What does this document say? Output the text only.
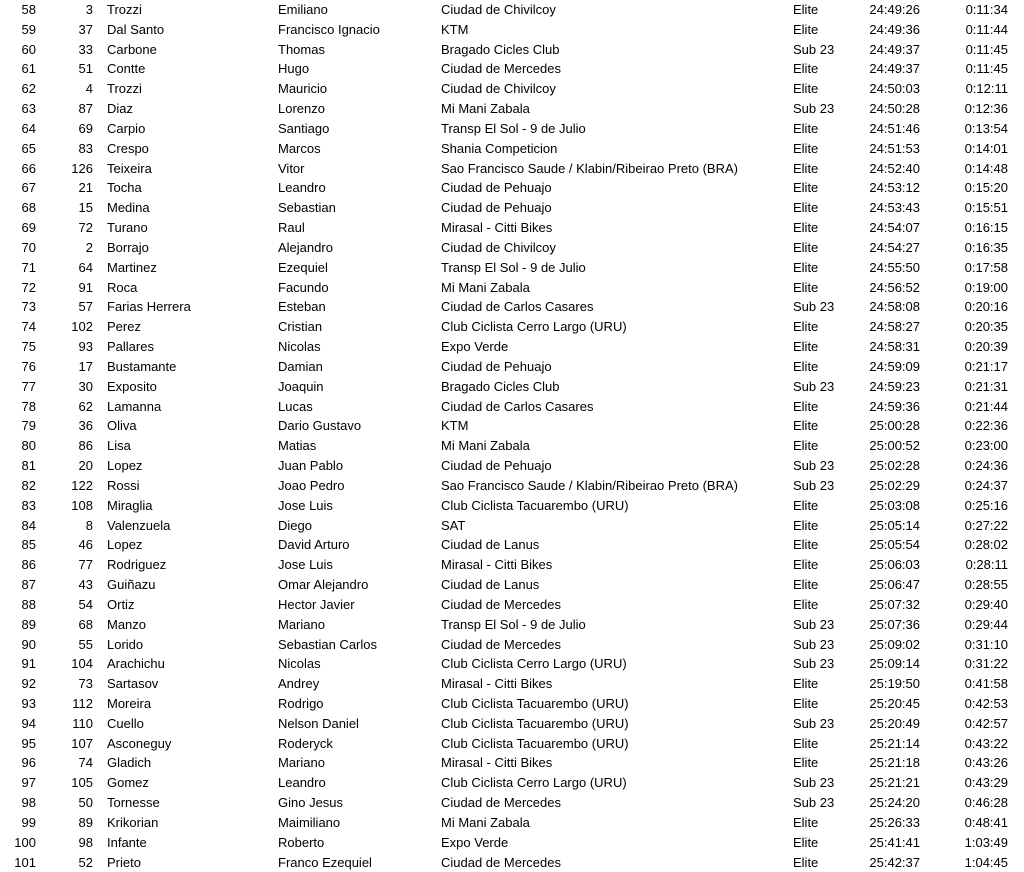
58	3 Trozzi	Emiliano	Ciudad de Chivilcoy	Elite	24:49:26	0:11:34
59	37 Dal Santo	Francisco Ignacio	KTM	Elite	24:49:36	0:11:44
60	33 Carbone	Thomas	Bragado Cicles Club	Sub 23	24:49:37	0:11:45
61	51 Contte	Hugo	Ciudad de Mercedes	Elite	24:49:37	0:11:45
62	4 Trozzi	Mauricio	Ciudad de Chivilcoy	Elite	24:50:03	0:12:11
63	87 Diaz	Lorenzo	Mi Mani Zabala	Sub 23	24:50:28	0:12:36
64	69 Carpio	Santiago	Transp El Sol - 9 de Julio	Elite	24:51:46	0:13:54
65	83 Crespo	Marcos	Shania Competicion	Elite	24:51:53	0:14:01
66	126 Teixeira	Vitor	Sao Francisco Saude / Klabin/Ribeirao Preto (BRA)	Elite	24:52:40	0:14:48
67	21 Tocha	Leandro	Ciudad de Pehuajo	Elite	24:53:12	0:15:20
68	15 Medina	Sebastian	Ciudad de Pehuajo	Elite	24:53:43	0:15:51
69	72 Turano	Raul	Mirasal - Citti Bikes	Elite	24:54:07	0:16:15
70	2 Borrajo	Alejandro	Ciudad de Chivilcoy	Elite	24:54:27	0:16:35
71	64 Martinez	Ezequiel	Transp El Sol - 9 de Julio	Elite	24:55:50	0:17:58
72	91 Roca	Facundo	Mi Mani Zabala	Elite	24:56:52	0:19:00
73	57 Farias Herrera	Esteban	Ciudad de Carlos Casares	Sub 23	24:58:08	0:20:16
74	102 Perez	Cristian	Club Ciclista Cerro Largo (URU)	Elite	24:58:27	0:20:35
75	93 Pallares	Nicolas	Expo Verde	Elite	24:58:31	0:20:39
76	17 Bustamante	Damian	Ciudad de Pehuajo	Elite	24:59:09	0:21:17
77	30 Exposito	Joaquin	Bragado Cicles Club	Sub 23	24:59:23	0:21:31
78	62 Lamanna	Lucas	Ciudad de Carlos Casares	Elite	24:59:36	0:21:44
79	36 Oliva	Dario Gustavo	KTM	Elite	25:00:28	0:22:36
80	86 Lisa	Matias	Mi Mani Zabala	Elite	25:00:52	0:23:00
81	20 Lopez	Juan Pablo	Ciudad de Pehuajo	Sub 23	25:02:28	0:24:36
82	122 Rossi	Joao Pedro	Sao Francisco Saude / Klabin/Ribeirao Preto (BRA)	Sub 23	25:02:29	0:24:37
83	108 Miraglia	Jose Luis	Club Ciclista Tacuarembo (URU)	Elite	25:03:08	0:25:16
84	8 Valenzuela	Diego	SAT	Elite	25:05:14	0:27:22
85	46 Lopez	David Arturo	Ciudad de Lanus	Elite	25:05:54	0:28:02
86	77 Rodriguez	Jose Luis	Mirasal - Citti Bikes	Elite	25:06:03	0:28:11
87	43 Guiñazu	Omar Alejandro	Ciudad de Lanus	Elite	25:06:47	0:28:55
88	54 Ortiz	Hector Javier	Ciudad de Mercedes	Elite	25:07:32	0:29:40
89	68 Manzo	Mariano	Transp El Sol - 9 de Julio	Sub 23	25:07:36	0:29:44
90	55 Lorido	Sebastian Carlos	Ciudad de Mercedes	Sub 23	25:09:02	0:31:10
91	104 Arachichu	Nicolas	Club Ciclista Cerro Largo (URU)	Sub 23	25:09:14	0:31:22
92	73 Sartasov	Andrey	Mirasal - Citti Bikes	Elite	25:19:50	0:41:58
93	112 Moreira	Rodrigo	Club Ciclista Tacuarembo (URU)	Elite	25:20:45	0:42:53
94	110 Cuello	Nelson Daniel	Club Ciclista Tacuarembo (URU)	Sub 23	25:20:49	0:42:57
95	107 Asconeguy	Roderyck	Club Ciclista Tacuarembo (URU)	Elite	25:21:14	0:43:22
96	74 Gladich	Mariano	Mirasal - Citti Bikes	Elite	25:21:18	0:43:26
97	105 Gomez	Leandro	Club Ciclista Cerro Largo (URU)	Sub 23	25:21:21	0:43:29
98	50 Tornesse	Gino Jesus	Ciudad de Mercedes	Sub 23	25:24:20	0:46:28
99	89 Krikorian	Maimiliano	Mi Mani Zabala	Elite	25:26:33	0:48:41
100	98 Infante	Roberto	Expo Verde	Elite	25:41:41	1:03:49
101	52 Prieto	Franco Ezequiel	Ciudad de Mercedes	Elite	25:42:37	1:04:45
